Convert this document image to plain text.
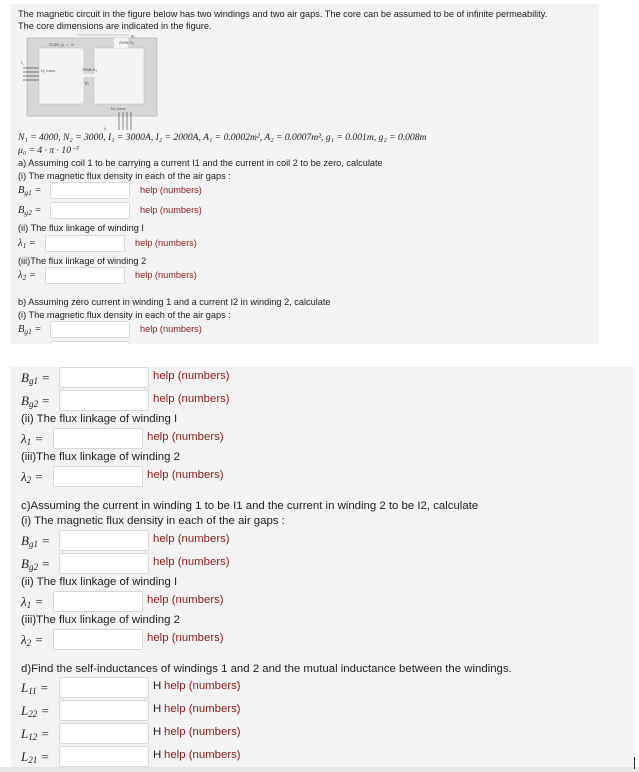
The magnetic circuit in the figure below has two windings and two air gaps. The core can be assumed to be of infinite permeability.
The core dimensions are indicated in the figure.
Core, μ → ∞	Area A₂
Area A₁
N₁ turns
N₂ turns
i₁
i₂
g₁
g₂
N₁ = 4000, N₂ = 3000, I₁ = 3000A, I₂ = 2000A, A₁ = 0.0002m², A₂ = 0.0007m², g₁ = 0.001m, g₂ = 0.008m
μ₀ = 4 · π · 10⁻⁷
a) Assuming coil 1 to be carrying a current I1 and the current in coil 2 to be zero, calculate
(i) The magnetic flux density in each of the air gaps :
$B_{g1}$ =	help (numbers)
$B_{g2}$ =	help (numbers)
(ii) The flux linkage of winding I
$\lambda_1$ =	help (numbers)
(iii)The flux linkage of winding 2
$\lambda_2$ =	help (numbers)
b) Assuming zero current in winding 1 and a current I2 in winding 2, calculate
(i) The magnetic flux density in each of the air gaps :
$B_{g1}$ =	help (numbers)
$B_{g1}$ =	help (numbers)
$B_{g2}$ =	help (numbers)
(ii) The flux linkage of winding I
$\lambda_1$ =	help (numbers)
(iii)The flux linkage of winding 2
$\lambda_2$ =	help (numbers)
c)Assuming the current in winding 1 to be I1 and the current in winding 2 to be I2, calculate
(i) The magnetic flux density in each of the air gaps :
$B_{g1}$ =	help (numbers)
$B_{g2}$ =	help (numbers)
(ii) The flux linkage of winding I
$\lambda_1$ =	help (numbers)
(iii)The flux linkage of winding 2
$\lambda_2$ =	help (numbers)
d)Find the self-inductances of windings 1 and 2 and the mutual inductance between the windings.
$L_{11}$ =	H help (numbers)
$L_{22}$ =	H help (numbers)
$L_{12}$ =	H help (numbers)
$L_{21}$ =	H help (numbers)
